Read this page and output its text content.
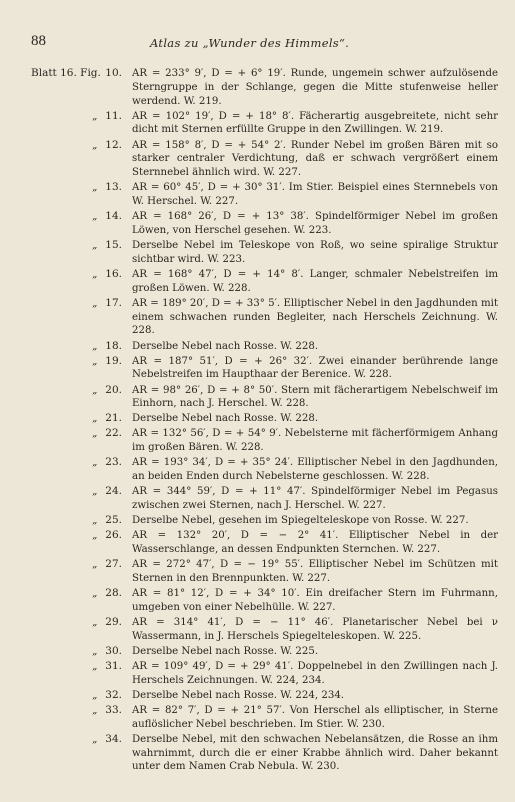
88	Atlas zu „Wunder des Himmels“.
Blatt 16. Fig. 10. AR = 233° 9′, D = + 6° 19′. Runde, ungemein schwer aufzulösende Sterngruppe in der Schlange, gegen die Mitte stufenweise heller werdend. W. 219.
„ 11. AR = 102° 19′, D = + 18° 8′. Fächerartig ausgebreitete, nicht sehr dicht mit Sternen erfüllte Gruppe in den Zwillingen. W. 219.
„ 12. AR = 158° 8′, D = + 54° 2′. Runder Nebel im großen Bären mit so starker centraler Verdichtung, daß er schwach vergrößert einem Sternnebel ähnlich wird. W. 227.
„ 13. AR = 60° 45′, D = + 30° 31′. Im Stier. Beispiel eines Sternnebels von W. Herschel. W. 227.
„ 14. AR = 168° 26′, D = + 13° 38′. Spindelförmiger Nebel im großen Löwen, von Herschel gesehen. W. 223.
„ 15. Derselbe Nebel im Teleskope von Roß, wo seine spiralige Struktur sichtbar wird. W. 223.
„ 16. AR = 168° 47′, D = + 14° 8′. Langer, schmaler Nebelstreifen im großen Löwen. W. 228.
„ 17. AR = 189° 20′, D = + 33° 5′. Elliptischer Nebel in den Jagdhunden mit einem schwachen runden Begleiter, nach Herschels Zeichnung. W. 228.
„ 18. Derselbe Nebel nach Rosse. W. 228.
„ 19. AR = 187° 51′, D = + 26° 32′. Zwei einander berührende lange Nebelstreifen im Haupthaar der Berenice. W. 228.
„ 20. AR = 98° 26′, D = + 8° 50′. Stern mit fächerartigem Nebelschweif im Einhorn, nach J. Herschel. W. 228.
„ 21. Derselbe Nebel nach Rosse. W. 228.
„ 22. AR = 132° 56′, D = + 54° 9′. Nebelsterne mit fächerförmigem Anhang im großen Bären. W. 228.
„ 23. AR = 193° 34′, D = + 35° 24′. Elliptischer Nebel in den Jagdhunden, an beiden Enden durch Nebelsterne geschlossen. W. 228.
„ 24. AR = 344° 59′, D = + 11° 47′. Spindelförmiger Nebel im Pegasus zwischen zwei Sternen, nach J. Herschel. W. 227.
„ 25. Derselbe Nebel, gesehen im Spiegelteleskope von Rosse. W. 227.
„ 26. AR = 132° 20′, D = − 2° 41′. Elliptischer Nebel in der Wasserschlange, an dessen Endpunkten Sternchen. W. 227.
„ 27. AR = 272° 47′, D = − 19° 55′. Elliptischer Nebel im Schützen mit Sternen in den Brennpunkten. W. 227.
„ 28. AR = 81° 12′, D = + 34° 10′. Ein dreifacher Stern im Fuhrmann, umgeben von einer Nebelhülle. W. 227.
„ 29. AR = 314° 41′, D = − 11° 46′. Planetarischer Nebel bei ν Wassermann, in J. Herschels Spiegelteleskopen. W. 225.
„ 30. Derselbe Nebel nach Rosse. W. 225.
„ 31. AR = 109° 49′, D = + 29° 41′. Doppelnebel in den Zwillingen nach J. Herschels Zeichnungen. W. 224, 234.
„ 32. Derselbe Nebel nach Rosse. W. 224, 234.
„ 33. AR = 82° 7′, D = + 21° 57′. Von Herschel als elliptischer, in Sterne auflöslicher Nebel beschrieben. Im Stier. W. 230.
„ 34. Derselbe Nebel, mit den schwachen Nebelansätzen, die Rosse an ihm wahrnimmt, durch die er einer Krabbe ähnlich wird. Daher bekannt unter dem Namen Crab Nebula. W. 230.
